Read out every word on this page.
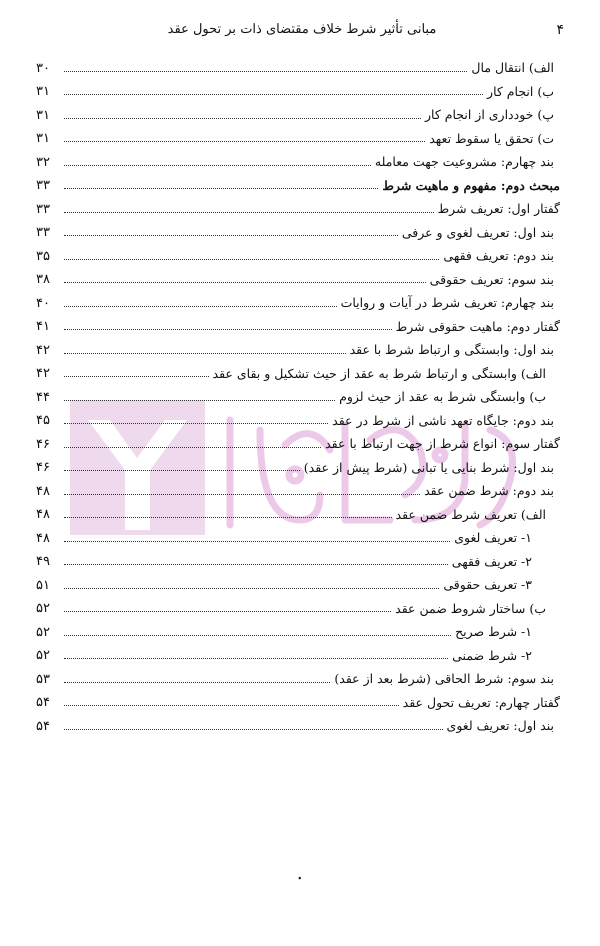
۴
مبانی تأثیر شرط خلاف مقتضای ذات بر تحول عقد
الف) انتقال مال
۳۰
ب) انجام کار
۳۱
پ) خودداری از انجام کار
۳۱
ت) تحقق یا سقوط تعهد
۳۱
بند چهارم: مشروعیت جهت معامله
۳۲
مبحث دوم: مفهوم و ماهیت شرط
۳۳
گفتار اول: تعریف شرط
۳۳
بند اول: تعریف لغوی و عرفی
۳۳
بند دوم: تعریف فقهی
۳۵
بند سوم: تعریف حقوقی
۳۸
بند چهارم: تعریف شرط در آیات و روایات
۴۰
گفتار دوم: ماهیت حقوقی شرط
۴۱
بند اول: وابستگی و ارتباط شرط با عقد
۴۲
الف) وابستگی و ارتباط شرط به عقد از حیث تشکیل و بقای عقد
۴۲
ب) وابستگی شرط به عقد از حیث لزوم
۴۴
بند دوم: جایگاه تعهد ناشی از شرط در عقد
۴۵
گفتار سوم: انواع شرط از جهت ارتباط با عقد
۴۶
بند اول: شرط بنایی یا تبانی (شرط پیش از عقد)
۴۶
بند دوم: شرط ضمن عقد
۴۸
الف) تعریف شرط ضمن عقد
۴۸
۱- تعریف لغوی
۴۸
۲- تعریف فقهی
۴۹
۳- تعریف حقوقی
۵۱
ب) ساختار شروط ضمن عقد
۵۲
۱- شرط صریح
۵۲
۲- شرط ضمنی
۵۲
بند سوم: شرط الحاقی (شرط بعد از عقد)
۵۳
گفتار چهارم: تعریف تحول عقد
۵۴
بند اول: تعریف لغوی
۵۴
٠
